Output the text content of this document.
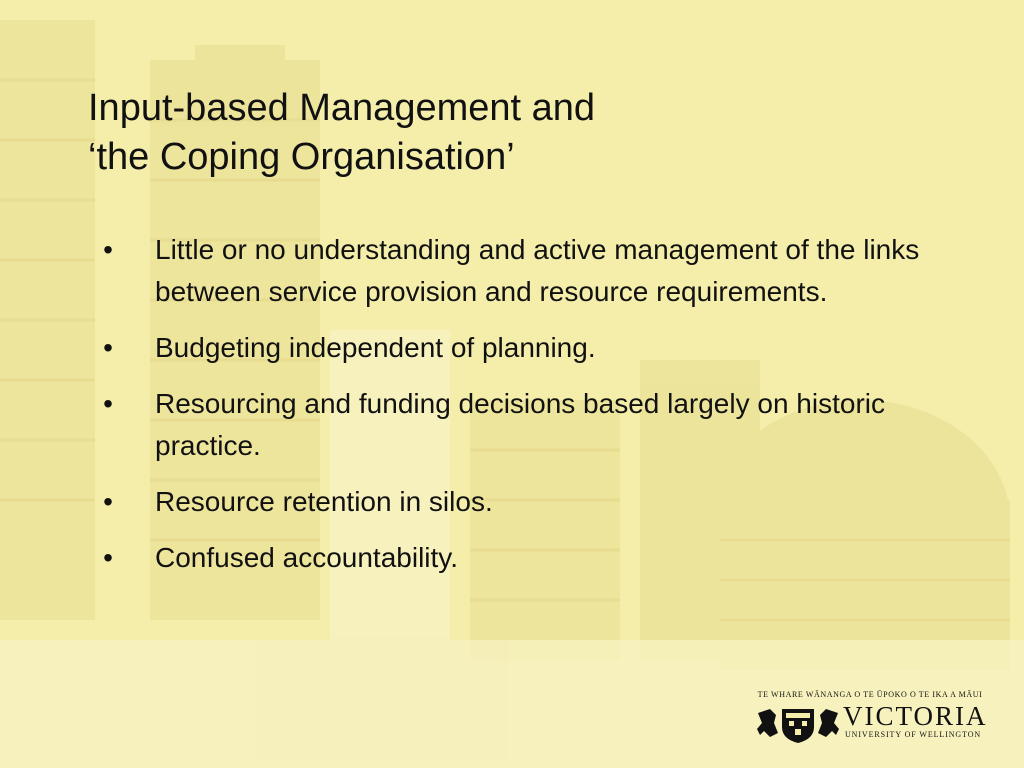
Input-based Management and
‘the Coping Organisation’
• Little or no understanding and active management of the links between service provision and resource requirements.
• Budgeting independent of planning.
• Resourcing and funding decisions based largely on historic practice.
• Resource retention in silos.
• Confused accountability.
TE WHARE WĀNANGA O TE ŪPOKO O TE IKA A MĀUI
VICTORIA
UNIVERSITY OF WELLINGTON
